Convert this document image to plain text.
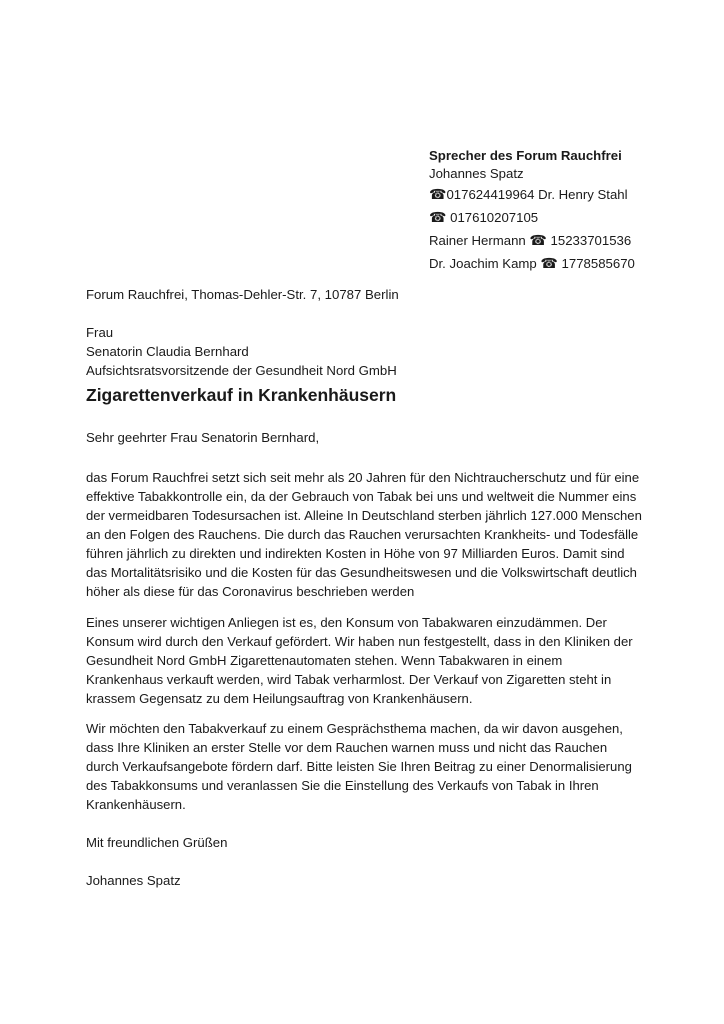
Sprecher des Forum Rauchfrei
Johannes Spatz
☎017624419964 Dr. Henry Stahl
☎ 017610207105
Rainer Hermann ☎ 15233701536
Dr. Joachim Kamp ☎ 1778585670
Forum Rauchfrei, Thomas-Dehler-Str. 7, 10787 Berlin
Frau
Senatorin Claudia Bernhard
Aufsichtsratsvorsitzende der Gesundheit Nord GmbH
Zigarettenverkauf in Krankenhäusern
Sehr geehrter Frau Senatorin Bernhard,

das Forum Rauchfrei setzt sich seit mehr als 20 Jahren für den Nichtraucherschutz und für eine effektive Tabakkontrolle ein, da der Gebrauch von Tabak bei uns und weltweit die Nummer eins der vermeidbaren Todesursachen ist. Alleine In Deutschland sterben jährlich 127.000 Menschen an den Folgen des Rauchens. Die durch das Rauchen verursachten Krankheits- und Todesfälle führen jährlich zu direkten und indirekten Kosten in Höhe von 97 Milliarden Euros. Damit sind das Mortalitätsrisiko und die Kosten für das Gesundheitswesen und die Volkswirtschaft deutlich höher als diese für das Coronavirus beschrieben werden

Eines unserer wichtigen Anliegen ist es, den Konsum von Tabakwaren einzudämmen. Der Konsum wird durch den Verkauf gefördert. Wir haben nun festgestellt, dass in den Kliniken der Gesundheit Nord GmbH Zigarettenautomaten stehen. Wenn Tabakwaren in einem Krankenhaus verkauft werden, wird Tabak verharmlost. Der Verkauf von Zigaretten steht in krassem Gegensatz zu dem Heilungsauftrag von Krankenhäusern.

Wir möchten den Tabakverkauf zu einem Gesprächsthema machen, da wir davon ausgehen, dass Ihre Kliniken an erster Stelle vor dem Rauchen warnen muss und nicht das Rauchen durch Verkaufsangebote fördern darf. Bitte leisten Sie Ihren Beitrag zu einer Denormalisierung des Tabakkonsums und veranlassen Sie die Einstellung des Verkaufs von Tabak in Ihren Krankenhäusern.

Mit freundlichen Grüßen
Johannes Spatz
